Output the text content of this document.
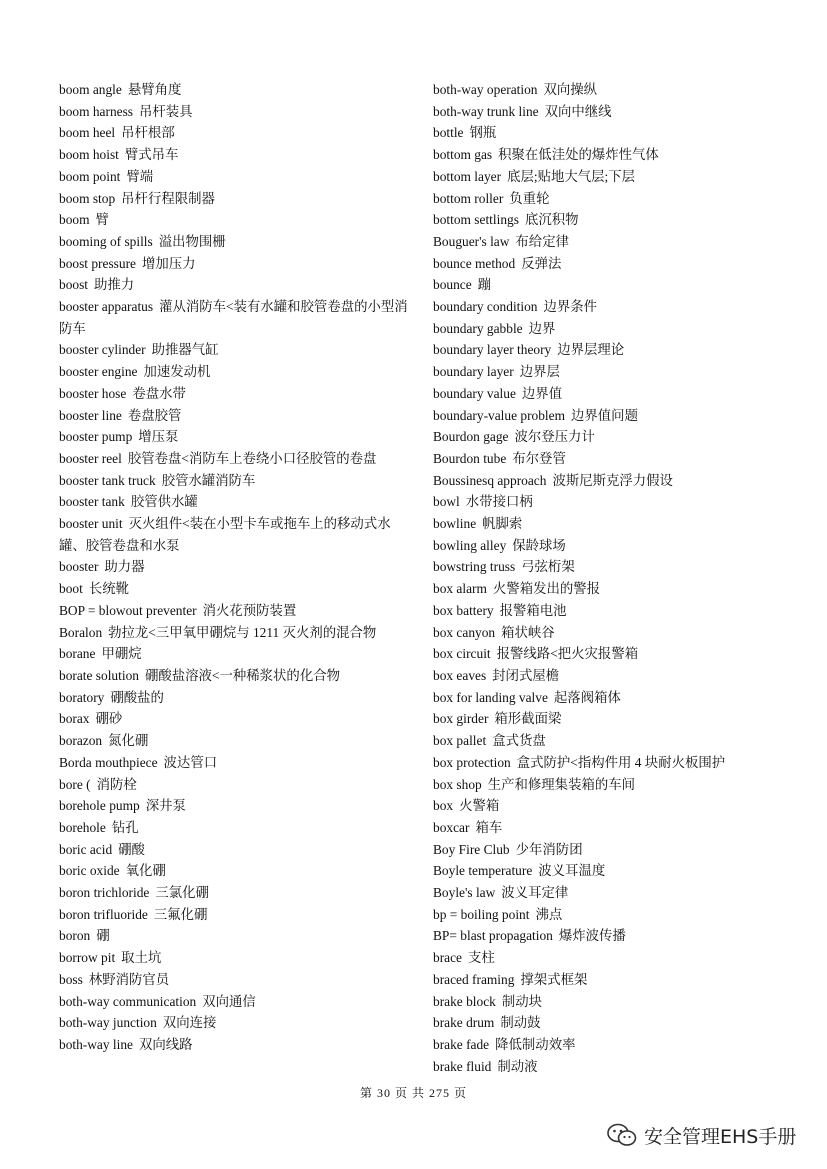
boom angle 悬臂角度
boom harness 吊杆装具
boom heel 吊杆根部
boom hoist 臂式吊车
boom point 臂端
boom stop 吊杆行程限制器
boom 臂
booming of spills 溢出物围栅
boost pressure 增加压力
boost 助推力
booster apparatus 灌从消防车<装有水罐和胶管卷盘的小型消防车
booster cylinder 助推器气缸
booster engine 加速发动机
booster hose 卷盘水带
booster line 卷盘胶管
booster pump 增压泵
booster reel 胶管卷盘<消防车上卷绕小口径胶管的卷盘
booster tank truck 胶管水罐消防车
booster tank 胶管供水罐
booster unit 灭火组件<装在小型卡车或拖车上的移动式水罐、胶管卷盘和水泵
booster 助力器
boot 长统靴
BOP = blowout preventer 消火花预防装置
Boralon 勃拉龙<三甲氧甲硼烷与 1211 灭火剂的混合物
borane 甲硼烷
borate solution 硼酸盐溶液<一种稀浆状的化合物
boratory 硼酸盐的
borax 硼砂
borazon 氮化硼
Borda mouthpiece 波达管口
bore ( 消防栓
borehole pump 深井泵
borehole 钻孔
boric acid 硼酸
boric oxide 氧化硼
boron trichloride 三氯化硼
boron trifluoride 三氟化硼
boron 硼
borrow pit 取土坑
boss 林野消防官员
both-way communication 双向通信
both-way junction 双向连接
both-way line 双向线路
both-way operation 双向操纵
both-way trunk line 双向中继线
bottle 钢瓶
bottom gas 积聚在低洼处的爆炸性气体
bottom layer 底层;贴地大气层;下层
bottom roller 负重轮
bottom settlings 底沉积物
Bouguer's law 布给定律
bounce method 反弹法
bounce 蹦
boundary condition 边界条件
boundary gabble 边界
boundary layer theory 边界层理论
boundary layer 边界层
boundary value 边界值
boundary-value problem 边界值问题
Bourdon gage 波尔登压力计
Bourdon tube 布尔登管
Boussinesq approach 波斯尼斯克浮力假设
bowl 水带接口柄
bowline 帆脚索
bowling alley 保龄球场
bowstring truss 弓弦桁架
box alarm 火警箱发出的警报
box battery 报警箱电池
box canyon 箱状峡谷
box circuit 报警线路<把火灾报警箱
box eaves 封闭式屋檐
box for landing valve 起落阀箱体
box girder 箱形截面梁
box pallet 盒式货盘
box protection 盒式防护<指构件用 4 块耐火板围护
box shop 生产和修理集装箱的车间
box 火警箱
boxcar 箱车
Boy Fire Club 少年消防团
Boyle temperature 波义耳温度
Boyle's law 波义耳定律
bp = boiling point 沸点
BP= blast propagation 爆炸波传播
brace 支柱
braced framing 撑架式框架
brake block 制动块
brake drum 制动鼓
brake fade 降低制动效率
brake fluid 制动液
第 30 页 共 275 页
安全管理EHS手册
